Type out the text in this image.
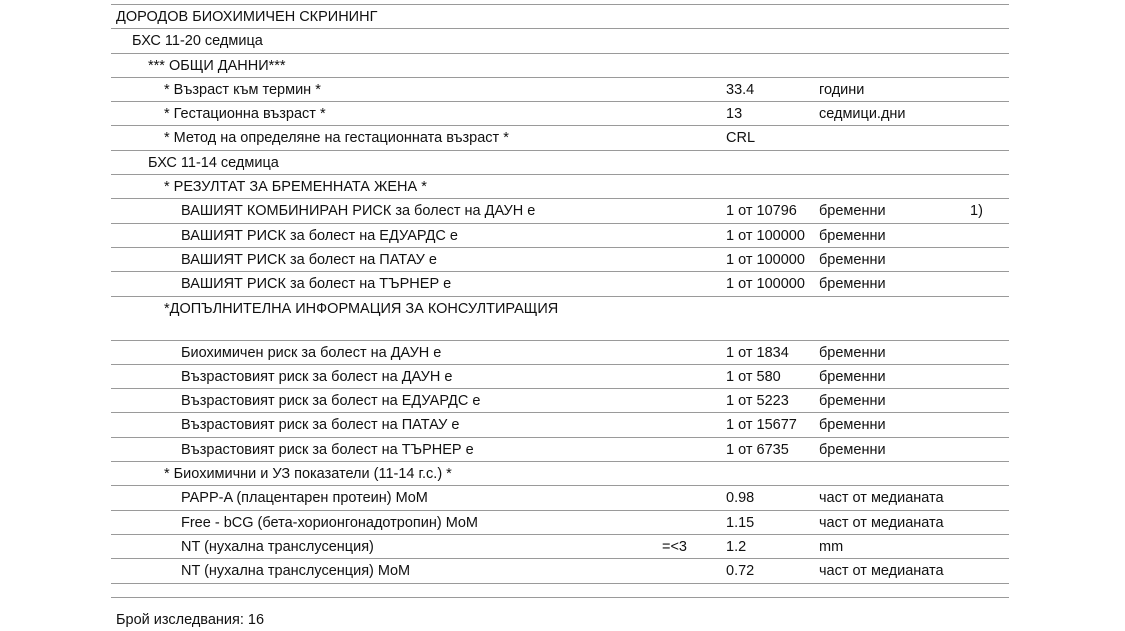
ДОРОДОВ БИОХИМИЧЕН СКРИНИНГ
БХС 11-20 седмица
*** ОБЩИ ДАННИ***
* Възраст към термин *	33.4	години
* Гестационна възраст *	13	седмици.дни
* Метод на определяне на гестационната възраст *	CRL
БХС 11-14 седмица
* РЕЗУЛТАТ ЗА БРЕМЕННАТА ЖЕНА *
ВАШИЯТ КОМБИНИРАН РИСК за болест на ДАУН е	1 от 10796 бременни	1)
ВАШИЯТ РИСК за болест на ЕДУАРДС е	1 от 100000 бременни
ВАШИЯТ РИСК за болест на ПАТАУ е	1 от 100000 бременни
ВАШИЯТ РИСК за болест на ТЪРНЕР е	1 от 100000 бременни
*ДОПЪЛНИТЕЛНА ИНФОРМАЦИЯ ЗА КОНСУЛТИРАЩИЯ
Биохимичен риск за болест на ДАУН е	1 от 1834 бременни
Възрастовият риск за болест на ДАУН е	1 от 580	бременни
Възрастовият риск за болест на ЕДУАРДС е	1 от 5223 бременни
Възрастовият риск за болест на ПАТАУ е	1 от 15677 бременни
Възрастовият риск за болест на ТЪРНЕР е	1 от 6735 бременни
* Биохимични и УЗ показатели (11-14 г.с.) *
PAPP-A (плацентарен протеин) MoM	0.98	част от медианата
Free - bCG (бета-хорионгонадотропин) MoM	1.15	част от медианата
NT (нухална транслусенция)	=<3	1.2	mm
NT (нухална транслусенция) MoM	0.72	част от медианата
Брой изследвания: 16
